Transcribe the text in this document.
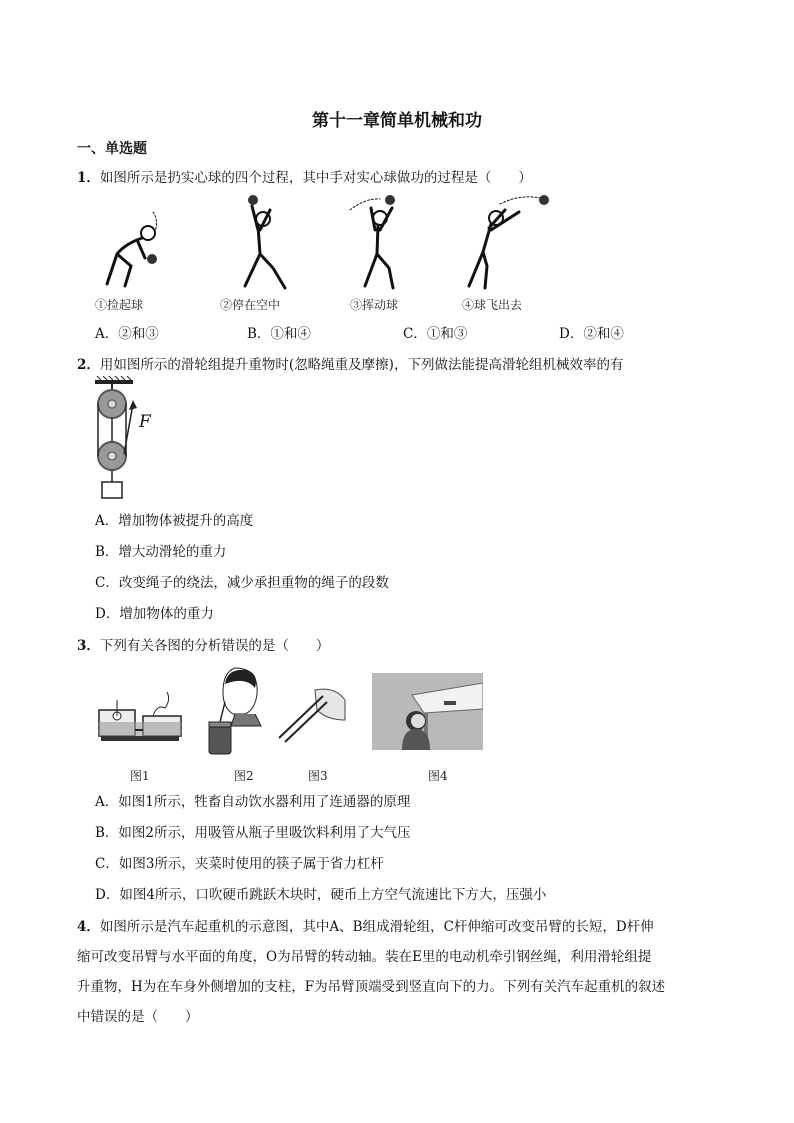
第十一章简单机械和功
一、单选题
1．如图所示是扔实心球的四个过程，其中手对实心球做功的过程是（　　）
①捡起球	②停在空中	③挥动球	④球飞出去
A．②和③	B．①和④	C．①和③	D．②和④
2．用如图所示的滑轮组提升重物时(忽略绳重及摩擦)，下列做法能提高滑轮组机械效率的有
F
A．增加物体被提升的高度
B．增大动滑轮的重力
C．改变绳子的绕法，减少承担重物的绳子的段数
D．增加物体的重力
3．下列有关各图的分析错误的是（　　）
图1	图2	图3	图4
A．如图1所示，牲畜自动饮水器利用了连通器的原理
B．如图2所示，用吸管从瓶子里吸饮料利用了大气压
C．如图3所示，夹菜时使用的筷子属于省力杠杆
D．如图4所示，口吹硬币跳跃木块时，硬币上方空气流速比下方大，压强小
4．如图所示是汽车起重机的示意图，其中A、B组成滑轮组，C杆伸缩可改变吊臂的长短，D杆伸
缩可改变吊臂与水平面的角度，O为吊臂的转动轴。装在E里的电动机牵引钢丝绳，利用滑轮组提
升重物，H为在车身外侧增加的支柱，F为吊臂顶端受到竖直向下的力。下列有关汽车起重机的叙述
中错误的是（　　）
